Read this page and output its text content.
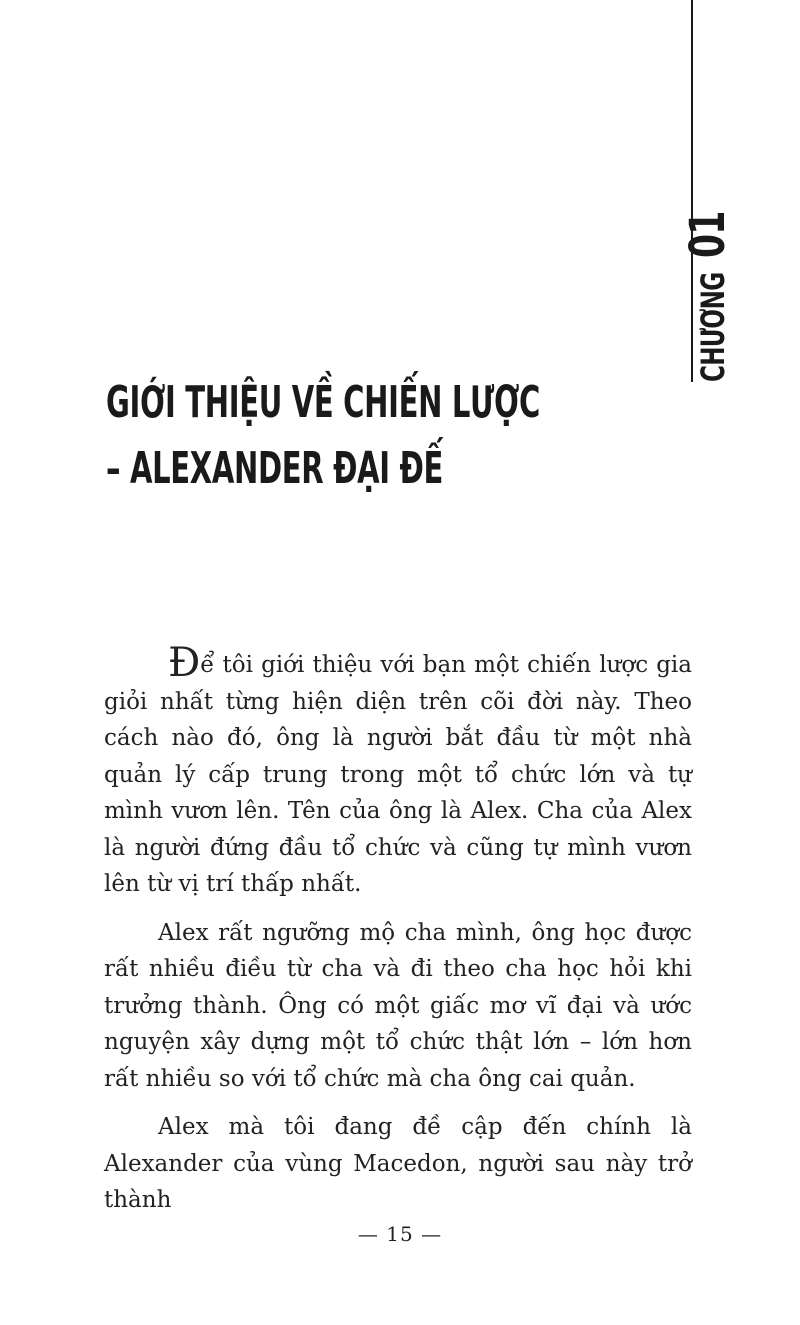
CHƯƠNG
01
GIỚI THIỆU VỀ CHIẾN LƯỢC
– ALEXANDER ĐẠI ĐẾ

Để tôi giới thiệu với bạn một chiến lược gia giỏi nhất từng hiện diện trên cõi đời này. Theo cách nào đó, ông là người bắt đầu từ một nhà quản lý cấp trung trong một tổ chức lớn và tự mình vươn lên. Tên của ông là Alex. Cha của Alex là người đứng đầu tổ chức và cũng tự mình vươn lên từ vị trí thấp nhất.

Alex rất ngưỡng mộ cha mình, ông học được rất nhiều điều từ cha và đi theo cha học hỏi khi trưởng thành. Ông có một giấc mơ vĩ đại và ước nguyện xây dựng một tổ chức thật lớn – lớn hơn rất nhiều so với tổ chức mà cha ông cai quản.

Alex mà tôi đang đề cập đến chính là Alexander của vùng Macedon, người sau này trở thành

— 15 —
